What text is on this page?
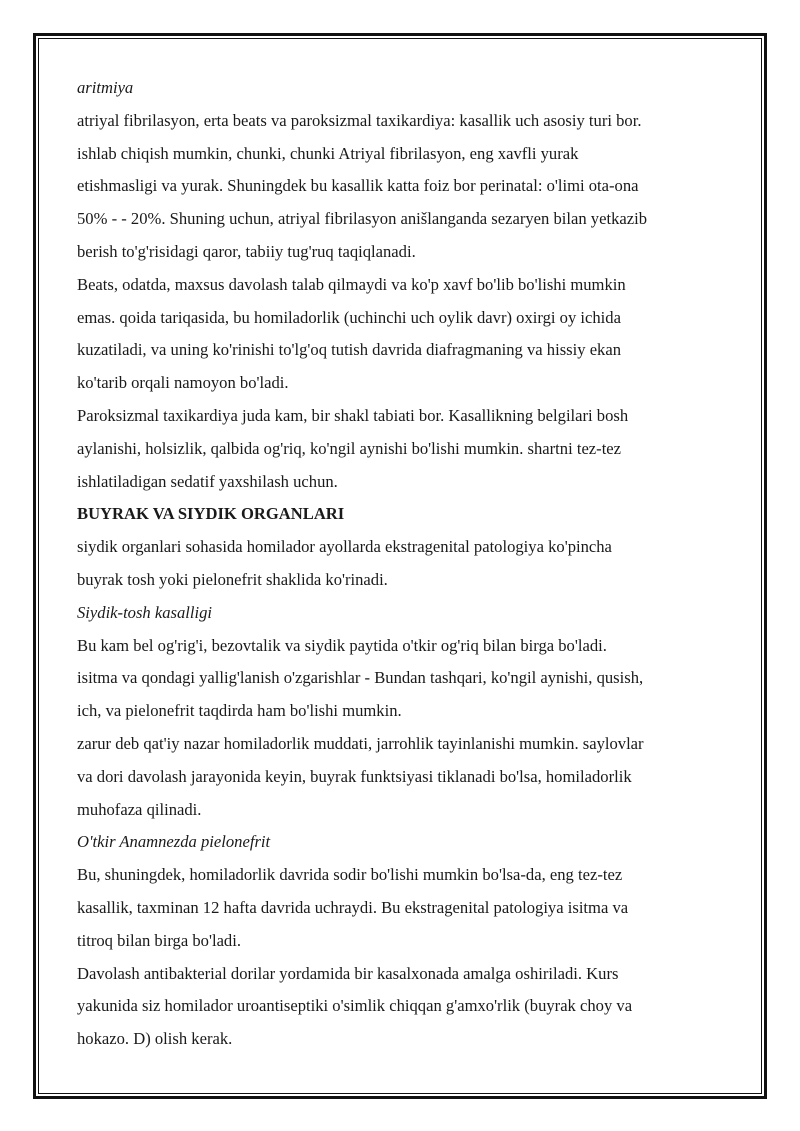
aritmiya

atriyal fibrilasyon, erta beats va paroksizmal taxikardiya: kasallik uch asosiy turi bor.

ishlab chiqish mumkin, chunki, chunki Atriyal fibrilasyon, eng xavfli yurak

etishmasligi va yurak. Shuningdek bu kasallik katta foiz bor perinatal: o'limi ota-ona

50% - - 20%. Shuning uchun, atriyal fibrilasyon anišlanganda sezaryen bilan yetkazib

berish to'g'risidagi qaror, tabiiy tug'ruq taqiqlanadi.

Beats, odatda, maxsus davolash talab qilmaydi va ko'p xavf bo'lib bo'lishi mumkin

emas. qoida tariqasida, bu homiladorlik (uchinchi uch oylik davr) oxirgi oy ichida

kuzatiladi, va uning ko'rinishi to'lg'oq tutish davrida diafragmaning va hissiy ekan

ko'tarib orqali namoyon bo'ladi.

Paroksizmal taxikardiya juda kam, bir shakl tabiati bor. Kasallikning belgilari bosh

aylanishi, holsizlik, qalbida og'riq, ko'ngil aynishi bo'lishi mumkin. shartni tez-tez

ishlatiladigan sedatif yaxshilash uchun.

BUYRAK VA SIYDIK ORGANLARI

siydik organlari sohasida homilador ayollarda ekstragenital patologiya ko'pincha

buyrak tosh yoki pielonefrit shaklida ko'rinadi.

Siydik-tosh kasalligi

Bu kam bel og'rig'i, bezovtalik va siydik paytida o'tkir og'riq bilan birga bo'ladi.

isitma va qondagi yallig'lanish o'zgarishlar - Bundan tashqari, ko'ngil aynishi, qusish,

ich, va pielonefrit taqdirda ham bo'lishi mumkin.

zarur deb qat'iy nazar homiladorlik muddati, jarrohlik tayinlanishi mumkin. saylovlar

va dori davolash jarayonida keyin, buyrak funktsiyasi tiklanadi bo'lsa, homiladorlik

muhofaza qilinadi.

O'tkir Anamnezda pielonefrit

Bu, shuningdek, homiladorlik davrida sodir bo'lishi mumkin bo'lsa-da, eng tez-tez

kasallik, taxminan 12 hafta davrida uchraydi. Bu ekstragenital patologiya isitma va

titroq bilan birga bo'ladi.

Davolash antibakterial dorilar yordamida bir kasalxonada amalga oshiriladi. Kurs

yakunida siz homilador uroantiseptiki o'simlik chiqqan g'amxo'rlik (buyrak choy va

hokazo. D) olish kerak.
